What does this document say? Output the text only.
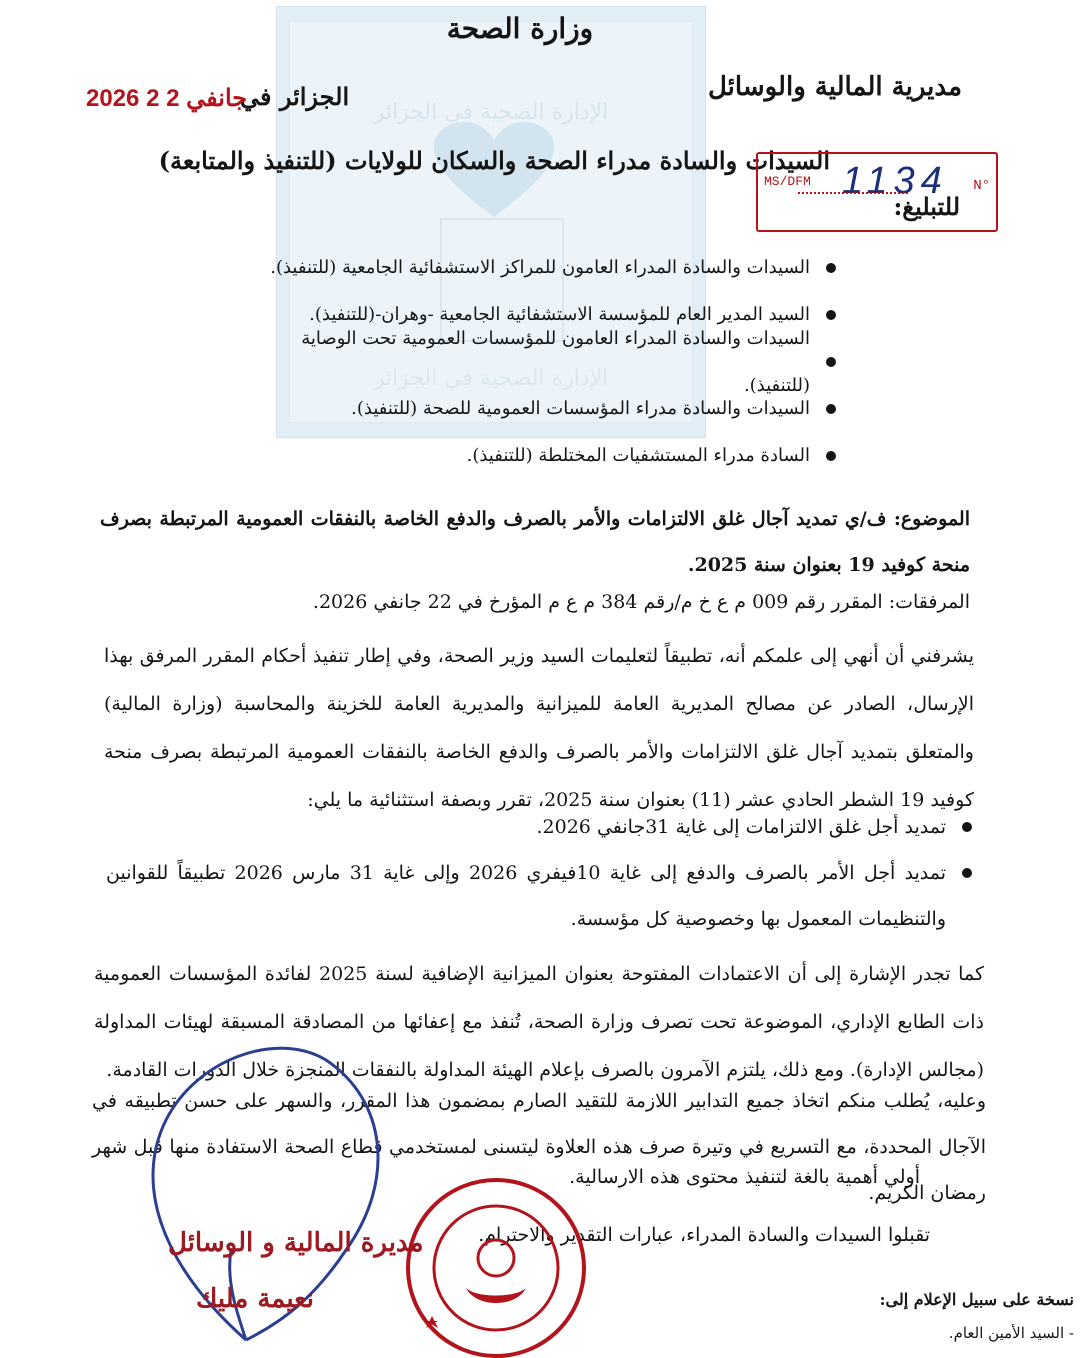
الإدارة الصحية في الجزائر
الإدارة الصحية في الجزائر
وزارة الصحة
مديرية المالية والوسائل
الجزائر في
2026 جانفي 2 2
السيدات والسادة مدراء الصحة والسكان للولايات (للتنفيذ والمتابعة)
MS/DFM 1134 N°
للتبليغ:
السيدات والسادة المدراء العامون للمراكز الاستشفائية الجامعية (للتنفيذ).
السيد المدير العام للمؤسسة الاستشفائية الجامعية -وهران-(للتنفيذ).
السيدات والسادة المدراء العامون للمؤسسات العمومية تحت الوصاية (للتنفيذ).
السيدات والسادة مدراء المؤسسات العمومية للصحة (للتنفيذ).
السادة مدراء المستشفيات المختلطة (للتنفيذ).
الموضوع: ف/ي تمديد آجال غلق الالتزامات والأمر بالصرف والدفع الخاصة بالنفقات العمومية المرتبطة بصرف منحة كوفيد 19 بعنوان سنة 2025.
المرفقات: المقرر رقم 009 م ع خ م/رقم 384 م ع م المؤرخ في 22 جانفي 2026.
يشرفني أن أنهي إلى علمكم أنه، تطبيقاً لتعليمات السيد وزير الصحة، وفي إطار تنفيذ أحكام المقرر المرفق بهذا الإرسال، الصادر عن مصالح المديرية العامة للميزانية والمديرية العامة للخزينة والمحاسبة (وزارة المالية) والمتعلق بتمديد آجال غلق الالتزامات والأمر بالصرف والدفع الخاصة بالنفقات العمومية المرتبطة بصرف منحة كوفيد 19 الشطر الحادي عشر (11) بعنوان سنة 2025، تقرر وبصفة استثنائية ما يلي:
تمديد أجل غلق الالتزامات إلى غاية 31جانفي 2026.
تمديد أجل الأمر بالصرف والدفع إلى غاية 10فيفري 2026 وإلى غاية 31 مارس 2026 تطبيقاً للقوانين والتنظيمات المعمول بها وخصوصية كل مؤسسة.
كما تجدر الإشارة إلى أن الاعتمادات المفتوحة بعنوان الميزانية الإضافية لسنة 2025 لفائدة المؤسسات العمومية ذات الطابع الإداري، الموضوعة تحت تصرف وزارة الصحة، تُنفذ مع إعفائها من المصادقة المسبقة لهيئات المداولة (مجالس الإدارة). ومع ذلك، يلتزم الآمرون بالصرف بإعلام الهيئة المداولة بالنفقات المنجزة خلال الدورات القادمة.
وعليه، يُطلب منكم اتخاذ جميع التدابير اللازمة للتقيد الصارم بمضمون هذا المقرر، والسهر على حسن تطبيقه في الآجال المحددة، مع التسريع في وتيرة صرف هذه العلاوة ليتسنى لمستخدمي قطاع الصحة الاستفادة منها قبل شهر رمضان الكريم.
أولي أهمية بالغة لتنفيذ محتوى هذه الارسالية.
تقبلوا السيدات والسادة المدراء، عبارات التقدير والاحترام.
نسخة على سبيل الإعلام إلى:
- السيد الأمين العام.
مديرة المالية و الوسائل
نعيمة مليك
